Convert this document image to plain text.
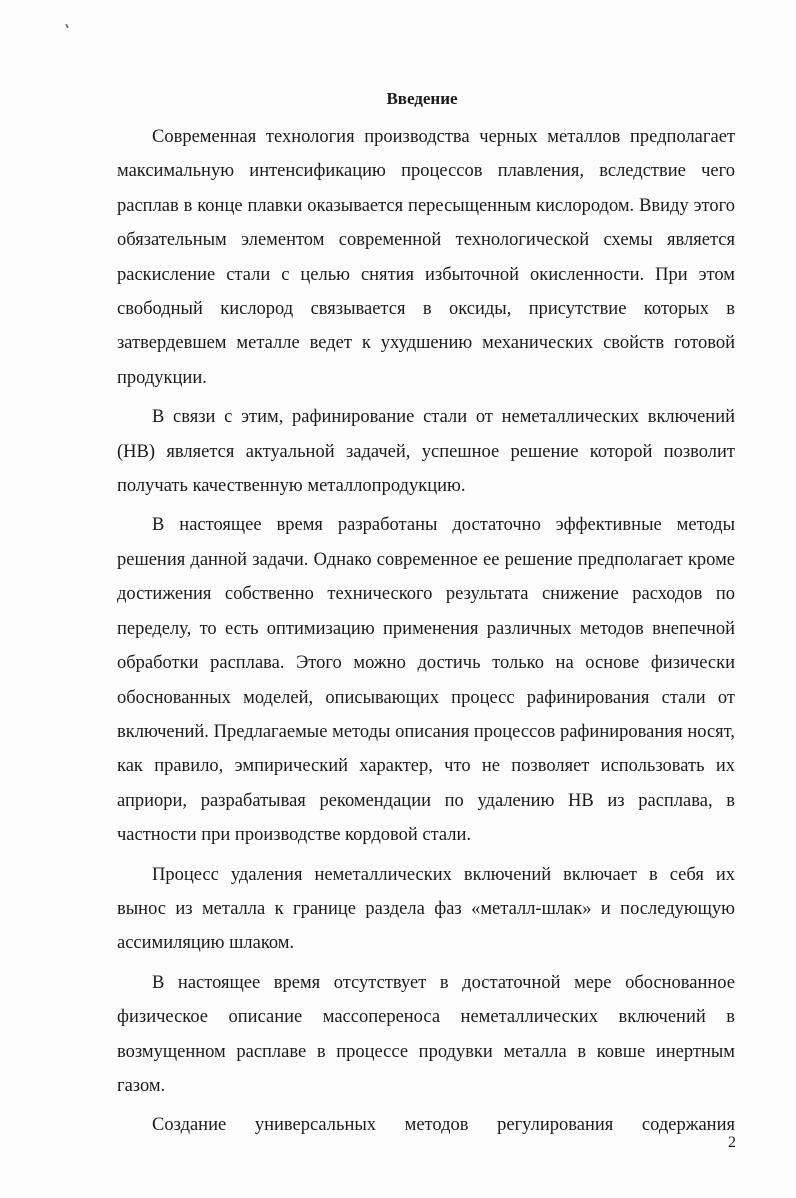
Введение

Современная технология производства черных металлов предполагает максимальную интенсификацию процессов плавления, вследствие чего расплав в конце плавки оказывается пересыщенным кислородом. Ввиду этого обязательным элементом современной технологической схемы является раскисление стали с целью снятия избыточной окисленности. При этом свободный кислород связывается в оксиды, присутствие которых в затвердевшем металле ведет к ухудшению механических свойств готовой продукции.

В связи с этим, рафинирование стали от неметаллических включений (НВ) является актуальной задачей, успешное решение которой позволит получать качественную металлопродукцию.

В настоящее время разработаны достаточно эффективные методы решения данной задачи. Однако современное ее решение предполагает кроме достижения собственно технического результата снижение расходов по переделу, то есть оптимизацию применения различных методов внепечной обработки расплава. Этого можно достичь только на основе физически обоснованных моделей, описывающих процесс рафинирования стали от включений. Предлагаемые методы описания процессов рафинирования носят, как правило, эмпирический характер, что не позволяет использовать их априори, разрабатывая рекомендации по удалению НВ из расплава, в частности при производстве кордовой стали.

Процесс удаления неметаллических включений включает в себя их вынос из металла к границе раздела фаз «металл-шлак» и последующую ассимиляцию шлаком.

В настоящее время отсутствует в достаточной мере обоснованное физическое описание массопереноса неметаллических включений в возмущенном расплаве в процессе продувки металла в ковше инертным газом.

Создание универсальных методов регулирования содержания

2
